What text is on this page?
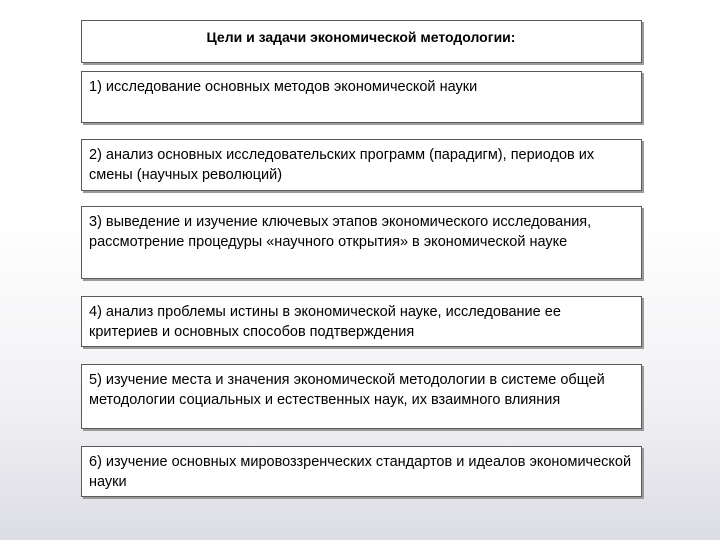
Цели и задачи экономической методологии:
1) исследование основных методов экономической науки
2) анализ основных исследовательских программ (парадигм), периодов их смены (научных революций)
3) выведение и изучение ключевых этапов экономического исследования, рассмотрение процедуры «научного открытия» в экономической науке
4) анализ проблемы истины в экономической науке, исследование ее критериев и основных способов подтверждения
5) изучение места и значения экономической методологии в системе общей методологии социальных и естественных наук, их взаимного влияния
6) изучение основных мировоззренческих стандартов и идеалов экономической науки
